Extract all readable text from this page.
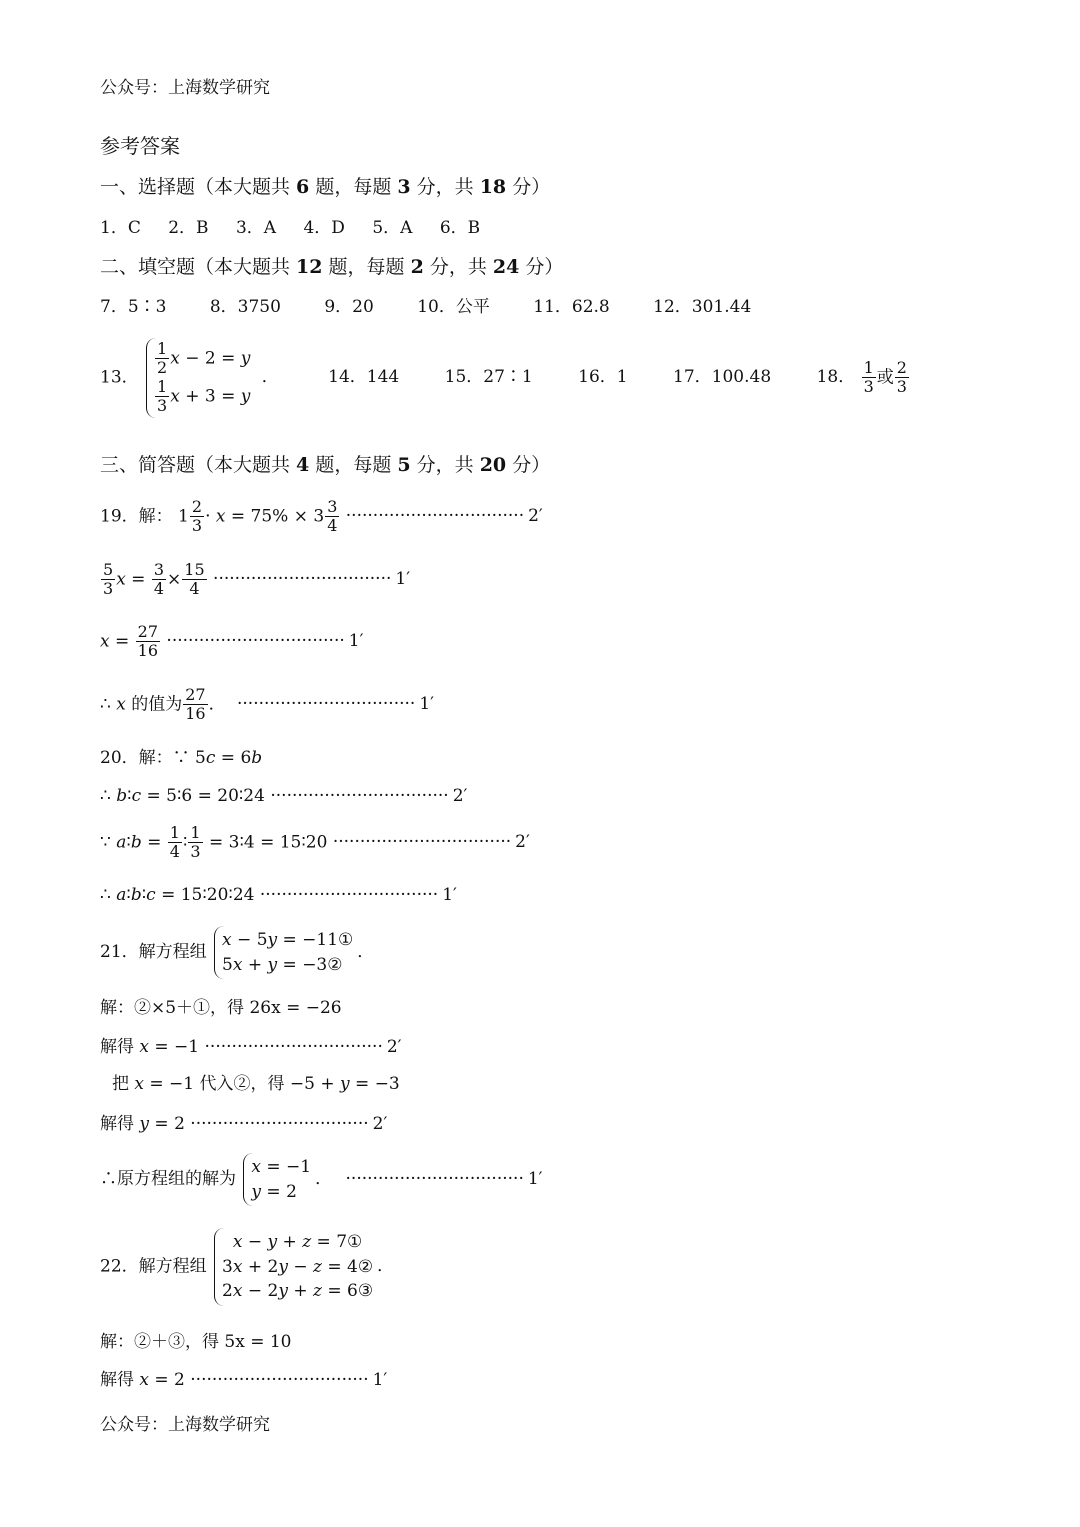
公众号：上海数学研究
参考答案
一、选择题（本大题共 6 题，每题 3 分，共 18 分）
1．C 2．B 3．A 4．D 5．A 6．B
二、填空题（本大题共 12 题，每题 2 分，共 24 分）
7．5∶3	8．3750	9．20	10．公平	11．62.8	12．301.44
13． $\frac{1}{2}$ x − 2 = y
$\frac{1}{3}$ x + 3 = y
．	14．144	15．27∶1	16．1	17．100.48	18． $\frac{1}{3}$ 或 $\frac{2}{3}$
三、简答题（本大题共 4 题，每题 5 分，共 20 分）
19．解： $1 \frac{2}{3} \cdot x = 75\% \times 3 \frac{3}{4}$ ································· 2′
$\frac{5}{3}$ $x = \frac{3}{4} \times \frac{15}{4}$ ································· 1′
$x = \frac{27}{16}$ ································· 1′
∴ x 的值为 $\frac{27}{16}$ ． ································· 1′
20．解：∵ 5c = 6b
∴ b∶c = 5∶6 = 20∶24 ································· 2′
∵ a∶b = $\frac{1}{4}$ ∶ $\frac{1}{3}$ = 3∶4 = 15∶20 ································· 2′
∴ a∶b∶c = 15∶20∶24 ································· 1′
21．解方程组
x − 5y = −11①
5x + y = −3②
．
解：②×5＋①，得 26x = −26
解得 x = −1 ································· 2′
把 x = −1 代入②，得 −5 + y = −3
解得 y = 2 ································· 2′
∴原方程组的解为
x = −1
y = 2
． ································· 1′
22．解方程组
x − y + z = 7①
3x + 2y − z = 4②
2x − 2y + z = 6③
．
解：②＋③，得 5x = 10
解得 x = 2 ································· 1′
公众号：上海数学研究
